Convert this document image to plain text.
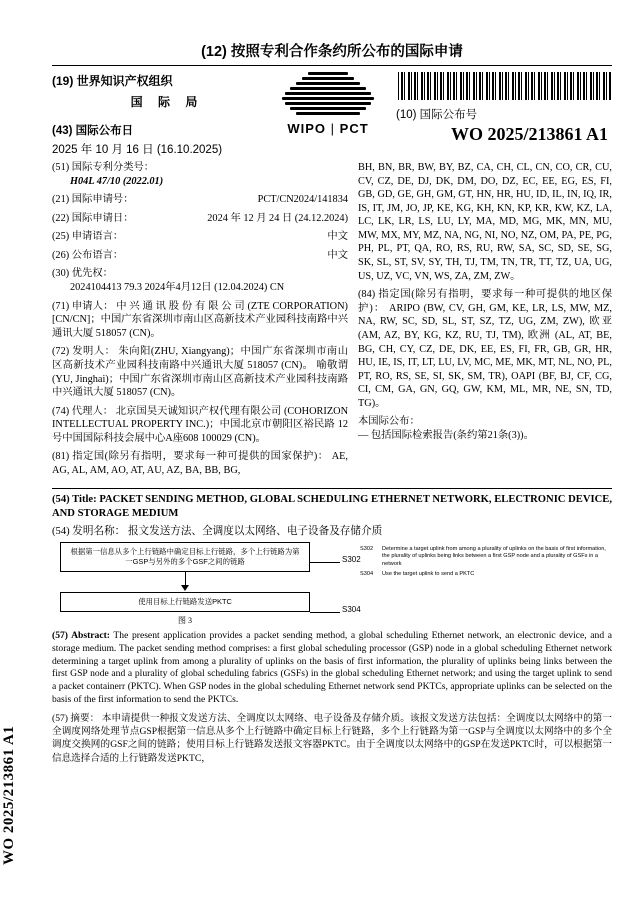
WO 2025/213861 A1
(12) 按照专利合作条约所公布的国际申请
(19) 世界知识产权组织
国 际 局
(43) 国际公布日
2025 年 10 月 16 日 (16.10.2025)
WIPO | PCT
(10) 国际公布号
WO 2025/213861 A1
(51) 国际专利分类号：
H04L 47/10 (2022.01)
(21) 国际申请号：	PCT/CN2024/141834
(22) 国际申请日：	2024 年 12 月 24 日 (24.12.2024)
(25) 申请语言：	中文
(26) 公布语言：	中文
(30) 优先权：
2024104413 79.3 2024年4月12日 (12.04.2024) CN
(71) 申请人： 中 兴 通 讯 股 份 有 限 公 司 (ZTE CORPORATION) [CN/CN]；中国广东省深圳市南山区高新技术产业园科技南路中兴通讯大厦 518057 (CN)。
(72) 发明人： 朱向阳(ZHU, Xiangyang)；中国广东省深圳市南山区高新技术产业园科技南路中兴通讯大厦 518057 (CN)。 喻敬谓(YU, Jinghai)；中国广东省深圳市南山区高新技术产业园科技南路中兴通讯大厦 518057 (CN)。
(74) 代理人： 北京国昊天诚知识产权代理有限公司 (COHORIZON INTELLECTUAL PROPERTY INC.)；中国北京市朝阳区裕民路 12 号中国国际科技会展中心A座608 100029 (CN)。
(81) 指定国(除另有指明，要求每一种可提供的国家保护)： AE, AG, AL, AM, AO, AT, AU, AZ, BA, BB, BG,
BH, BN, BR, BW, BY, BZ, CA, CH, CL, CN, CO, CR, CU, CV, CZ, DE, DJ, DK, DM, DO, DZ, EC, EE, EG, ES, FI, GB, GD, GE, GH, GM, GT, HN, HR, HU, ID, IL, IN, IQ, IR, IS, IT, JM, JO, JP, KE, KG, KH, KN, KP, KR, KW, KZ, LA, LC, LK, LR, LS, LU, LY, MA, MD, MG, MK, MN, MU, MW, MX, MY, MZ, NA, NG, NI, NO, NZ, OM, PA, PE, PG, PH, PL, PT, QA, RO, RS, RU, RW, SA, SC, SD, SE, SG, SK, SL, ST, SV, SY, TH, TJ, TM, TN, TR, TT, TZ, UA, UG, US, UZ, VC, VN, WS, ZA, ZM, ZW。
(84) 指定国(除另有指明，要求每一种可提供的地区保护)： ARIPO (BW, CV, GH, GM, KE, LR, LS, MW, MZ, NA, RW, SC, SD, SL, ST, SZ, TZ, UG, ZM, ZW), 欧亚 (AM, AZ, BY, KG, KZ, RU, TJ, TM), 欧洲 (AL, AT, BE, BG, CH, CY, CZ, DE, DK, EE, ES, FI, FR, GB, GR, HR, HU, IE, IS, IT, LT, LU, LV, MC, ME, MK, MT, NL, NO, PL, PT, RO, RS, SE, SI, SK, SM, TR), OAPI (BF, BJ, CF, CG, CI, CM, GA, GN, GQ, GW, KM, ML, MR, NE, SN, TD, TG)。
本国际公布：
— 包括国际检索报告(条约第21条(3))。
(54) Title: PACKET SENDING METHOD, GLOBAL SCHEDULING ETHERNET NETWORK, ELECTRONIC DEVICE, AND STORAGE MEDIUM
(54) 发明名称： 报文发送方法、全调度以太网络、电子设备及存储介质
根据第一信息从多个上行链路中确定目标上行链路，多个上行链路为第一GSP与另外的多个GSF之间的链路
使用目标上行链路发送PKTC
图 3
S302
S304
S302	Determine a target uplink from among a plurality of uplinks on the basis of first information, the plurality of uplinks being links between a first GSP node and a plurality of GSFs in a network
S304	Use the target uplink to send a PKTC
(57) Abstract: The present application provides a packet sending method, a global scheduling Ethernet network, an electronic device, and a storage medium. The packet sending method comprises: a first global scheduling processor (GSP) node in a global scheduling Ethernet network determining a target uplink from among a plurality of uplinks on the basis of first information, the plurality of uplinks being links between the first GSP node and a plurality of global scheduling fabrics (GSFs) in the global scheduling Ethernet network; and using the target uplink to send a packet containerr (PKTC). When GSP nodes in the global scheduling Ethernet network send PKTCs, appropriate uplinks can be selected on the basis of the first information to send the PKTCs.
(57) 摘要： 本申请提供一种报文发送方法、全调度以太网络、电子设备及存储介质。该报文发送方法包括：全调度以太网络中的第一全调度网络处理节点GSP根据第一信息从多个上行链路中确定目标上行链路，多个上行链路为第一GSP与全调度以太网络中的多个全调度交换网的GSF之间的链路；使用目标上行链路发送报文容器PKTC。由于全调度以太网络中的GSP在发送PKTC时，可以根据第一信息选择合适的上行链路发送PKTC，
